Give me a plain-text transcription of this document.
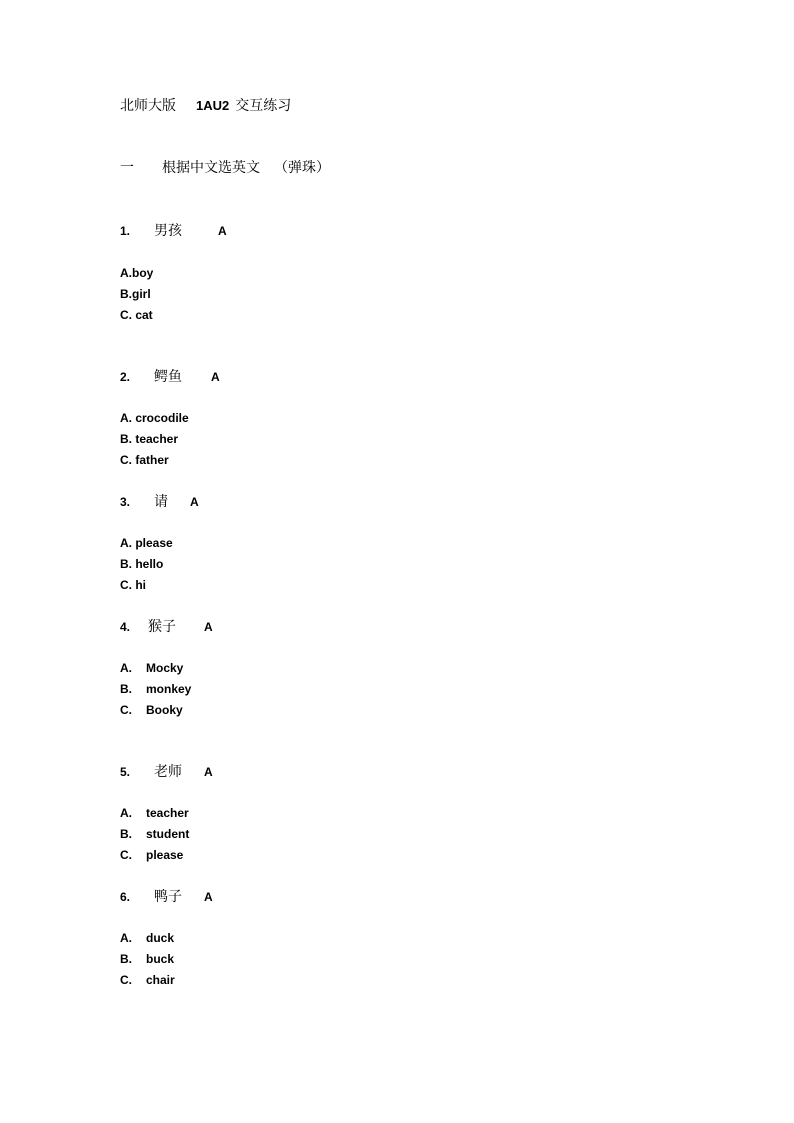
北师大版 1AU2 交互练习
一 根据中文选英文 （弹珠）
1. 男孩	A
A.boy
B.girl
C. cat
2. 鳄鱼 A
A. crocodile
B. teacher
C. father
3. 请 A
A. please
B. hello
C. hi
4. 猴子 A
A. Mocky
B. monkey
C. Booky
5. 老师 A
A. teacher
B. student
C. please
6. 鸭子 A
A. duck
B. buck
C. chair
